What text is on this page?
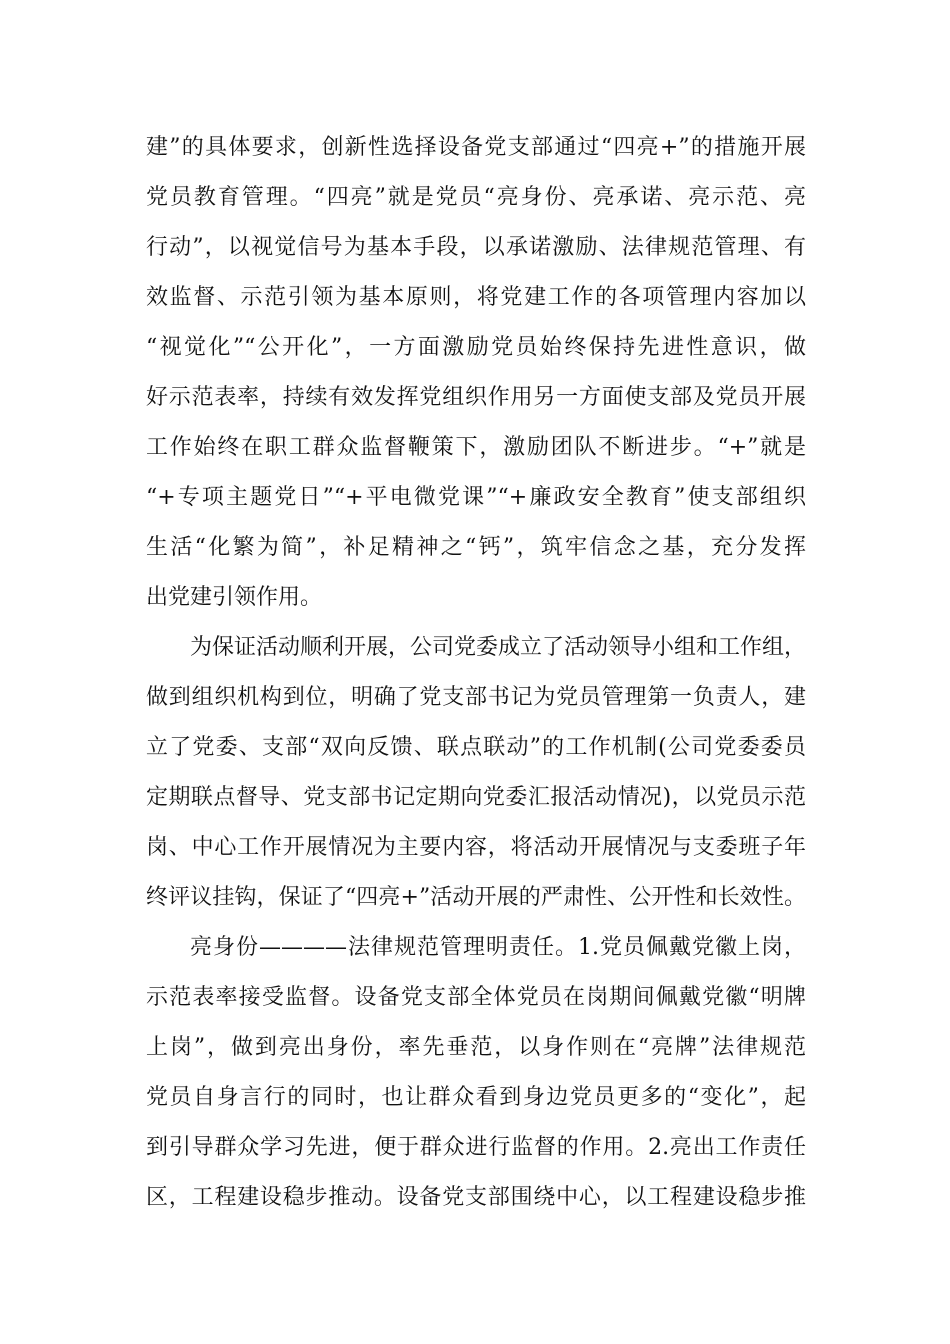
建”的具体要求，创新性选择设备党支部通过“四亮+”的措施开展
党员教育管理。“四亮”就是党员“亮身份、亮承诺、亮示范、亮
行动”，以视觉信号为基本手段，以承诺激励、法律规范管理、有
效监督、示范引领为基本原则，将党建工作的各项管理内容加以
“视觉化”“公开化”，一方面激励党员始终保持先进性意识，做
好示范表率，持续有效发挥党组织作用另一方面使支部及党员开展
工作始终在职工群众监督鞭策下，激励团队不断进步。“+”就是
“+专项主题党日”“+平电微党课”“+廉政安全教育”使支部组织
生活“化繁为简”，补足精神之“钙”，筑牢信念之基，充分发挥
出党建引领作用。
为保证活动顺利开展，公司党委成立了活动领导小组和工作组，
做到组织机构到位，明确了党支部书记为党员管理第一负责人，建
立了党委、支部“双向反馈、联点联动”的工作机制(公司党委委员
定期联点督导、党支部书记定期向党委汇报活动情况)，以党员示范
岗、中心工作开展情况为主要内容，将活动开展情况与支委班子年
终评议挂钩，保证了“四亮+”活动开展的严肃性、公开性和长效性。
亮身份————法律规范管理明责任。1.党员佩戴党徽上岗，
示范表率接受监督。设备党支部全体党员在岗期间佩戴党徽“明牌
上岗”，做到亮出身份，率先垂范，以身作则在“亮牌”法律规范
党员自身言行的同时，也让群众看到身边党员更多的“变化”，起
到引导群众学习先进，便于群众进行监督的作用。2.亮出工作责任
区，工程建设稳步推动。设备党支部围绕中心，以工程建设稳步推
